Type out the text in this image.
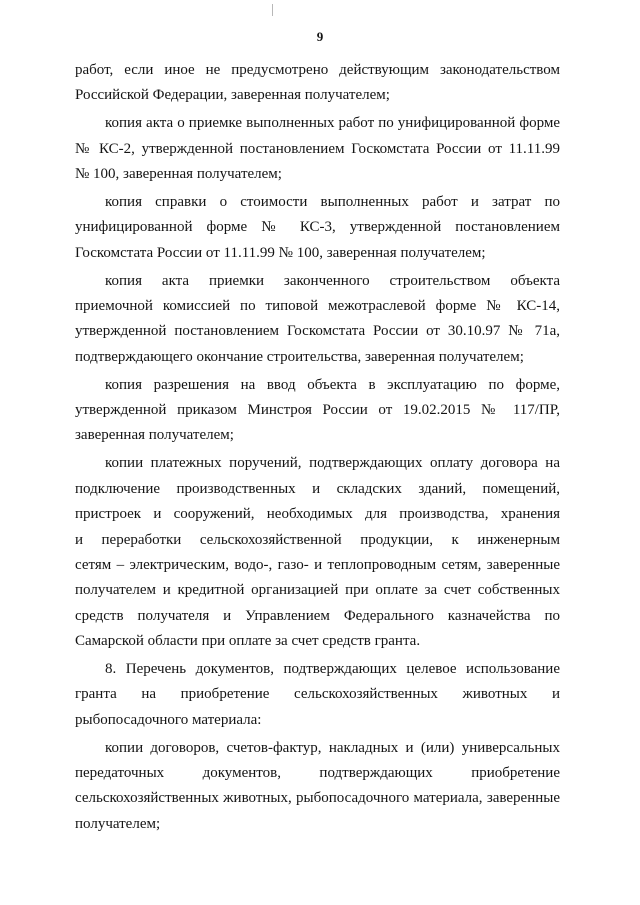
9
работ, если иное не предусмотрено действующим законодательством
Российской Федерации, заверенная получателем;
копия акта о приемке выполненных работ по унифицированной форме
№ КС-2, утвержденной постановлением Госкомстата России от 11.11.99
№ 100, заверенная получателем;
копия справки о стоимости выполненных работ и затрат по
унифицированной форме № КС-3, утвержденной постановлением
Госкомстата России от 11.11.99 № 100, заверенная получателем;
копия акта приемки законченного строительством объекта
приемочной комиссией по типовой межотраслевой форме № КС-14,
утвержденной постановлением Госкомстата России от 30.10.97 № 71а,
подтверждающего окончание строительства, заверенная получателем;
копия разрешения на ввод объекта в эксплуатацию по форме,
утвержденной приказом Минстроя России от 19.02.2015 № 117/ПР,
заверенная получателем;
копии платежных поручений, подтверждающих оплату договора на
подключение производственных и складских зданий, помещений,
пристроек и сооружений, необходимых для производства, хранения
и переработки сельскохозяйственной продукции, к инженерным
сетям – электрическим, водо-, газо- и теплопроводным сетям, заверенные
получателем и кредитной организацией при оплате за счет собственных
средств получателя и Управлением Федерального казначейства по
Самарской области при оплате за счет средств гранта.
8. Перечень документов, подтверждающих целевое использование
гранта на приобретение сельскохозяйственных животных и
рыбопосадочного материала:
копии договоров, счетов-фактур, накладных и (или) универсальных
передаточных документов, подтверждающих приобретение
сельскохозяйственных животных, рыбопосадочного материала, заверенные
получателем;
